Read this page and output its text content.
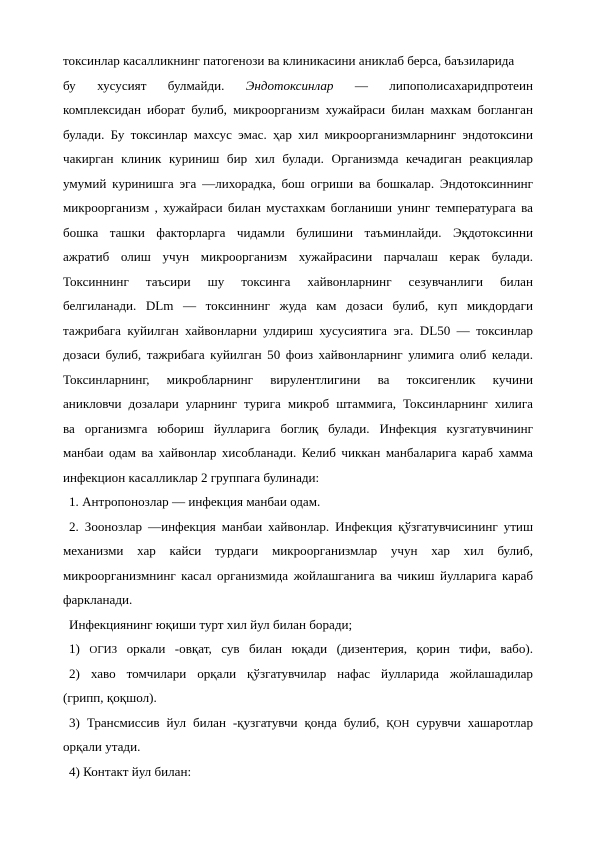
токсинлар касалликнинг патогенози ва клиникасини аниклаб берса, баъзиларида
бу хусусият булмайди. Эндотоксинлар — липополисахаридпротеин
комплексидан иборат булиб, микроорганизм хужайраси билан махкам богланган
булади. Бу токсинлар махсус эмас. ҳар хил микроорганизмларнинг эндотоксини
чакирган клиник куриниш бир хил булади. Организмда кечадиган реакциялар
умумий куринишга эга —лихорадка, бош огриши ва бошкалар. Эндотоксиннинг
микроорганизм , хужайраси билан мустахкам богланиши унинг температурага ва
бошка ташки факторларга чидамли булишини таъминлайди. Эқдотоксинни
ажратиб олиш учун микроорганизм хужайрасини парчалаш керак булади.
Токсиннинг таъсири шу токсинга хайвонларнинг сезувчанлиги билан
белгиланади. DLm — токсиннинг жуда кам дозаси булиб, куп микдордаги
тажрибага куйилган хайвонларни улдириш хусусиятига эга. DL50 — токсинлар
дозаси булиб, тажрибага куйилган 50 фоиз хайвонларнинг улимига олиб келади.
Токсинларнинг, микробларнинг вирулентлигини ва токсигенлик кучини
аникловчи дозалари уларнинг турига микроб штаммига, Токсинларнинг хилига
ва организмга юбориш йулларига боглиқ булади. Инфекция кузгатувчининг
манбаи одам ва хайвонлар хисобланади. Келиб чиккан манбаларига караб хамма
инфекцион касалликлар 2 группага булинади:
1. Антропонозлар — инфекция манбаи одам.
2. Зоонозлар —инфекция манбаи хайвонлар. Инфекция қўзгатувчисининг утиш
механизми хар кайси турдаги микроорганизмлар учун хар хил булиб,
микроорганизмнинг касал организмида жойлашганига ва чикиш йулларига караб
фаркланади.
Инфекциянинг юқиши турт хил йул билан боради;
1) ОГИЗ оркали -овқат, сув билан юқади (дизентерия, қорин тифи, вабо).
2) хаво томчилари орқали қўзгатувчилар нафас йулларида жойлашадилар
(грипп, қоқшол).
3) Трансмиссив йул билан -қузгатувчи қонда булиб, ҚОН сурувчи хашаротлар
орқали утади.
4) Контакт йул билан:
